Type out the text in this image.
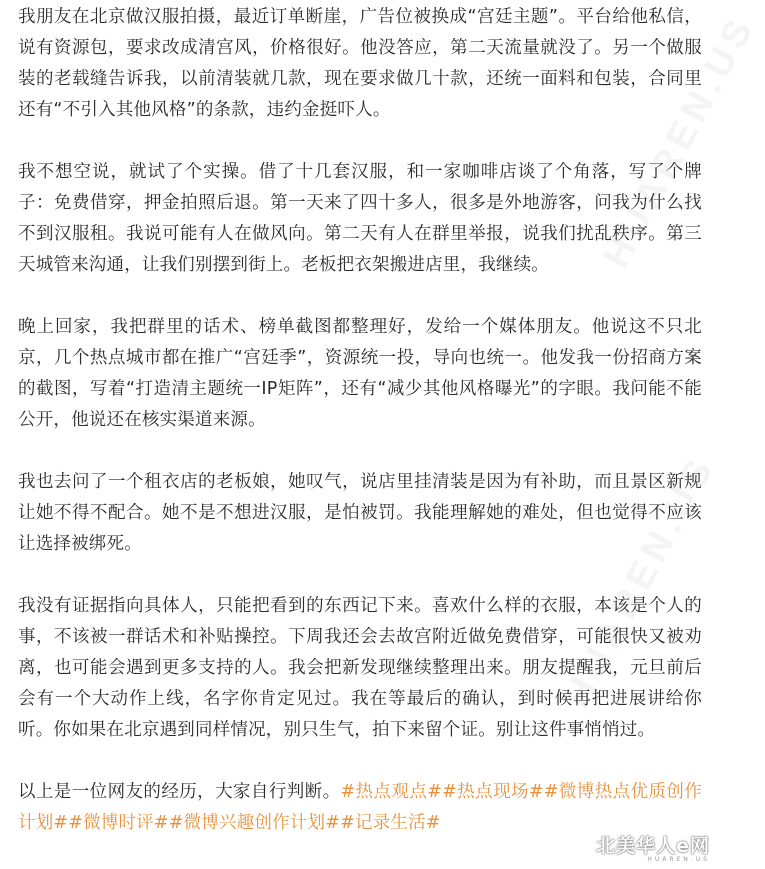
HUAREN.US
HUAREN.US

我朋友在北京做汉服拍摄，最近订单断崖，广告位被换成“宫廷主题”。平台给他私信，说有资源包，要求改成清宫风，价格很好。他没答应，第二天流量就没了。另一个做服装的老载缝告诉我，以前清装就几款，现在要求做几十款，还统一面料和包装，合同里还有“不引入其他风格”的条款，违约金挺吓人。

我不想空说，就试了个实操。借了十几套汉服，和一家咖啡店谈了个角落，写了个牌子：免费借穿，押金拍照后退。第一天来了四十多人，很多是外地游客，问我为什么找不到汉服租。我说可能有人在做风向。第二天有人在群里举报，说我们扰乱秩序。第三天城管来沟通，让我们别摆到街上。老板把衣架搬进店里，我继续。

晚上回家，我把群里的话术、榜单截图都整理好，发给一个媒体朋友。他说这不只北京，几个热点城市都在推广“宫廷季”，资源统一投，导向也统一。他发我一份招商方案的截图，写着“打造清主题统一IP矩阵”，还有“减少其他风格曝光”的字眼。我问能不能公开，他说还在核实渠道来源。

我也去问了一个租衣店的老板娘，她叹气，说店里挂清装是因为有补助，而且景区新规让她不得不配合。她不是不想进汉服，是怕被罚。我能理解她的难处，但也觉得不应该让选择被绑死。

我没有证据指向具体人，只能把看到的东西记下来。喜欢什么样的衣服，本该是个人的事，不该被一群话术和补贴操控。下周我还会去故宫附近做免费借穿，可能很快又被劝离，也可能会遇到更多支持的人。我会把新发现继续整理出来。朋友提醒我，元旦前后会有一个大动作上线，名字你肯定见过。我在等最后的确认，到时候再把进展讲给你听。你如果在北京遇到同样情况，别只生气，拍下来留个证。别让这件事悄悄过。

以上是一位网友的经历，大家自行判断。#热点观点##热点现场##微博热点优质创作计划##微博时评##微博兴趣创作计划##记录生活#

北美华人e网
HUAREN.US
